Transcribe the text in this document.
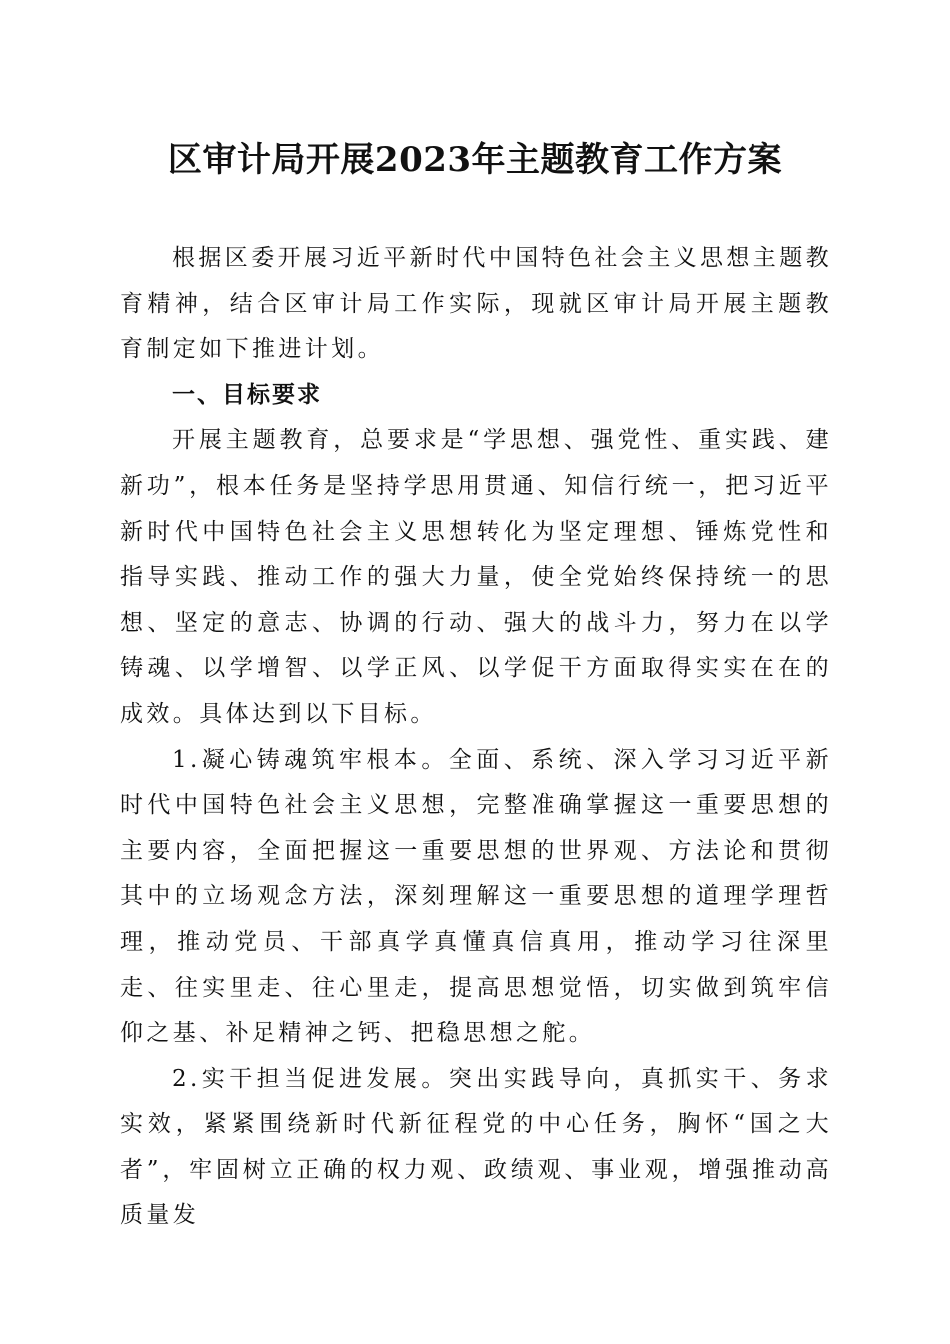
区审计局开展2023年主题教育工作方案

根据区委开展习近平新时代中国特色社会主义思想主题教育精神，结合区审计局工作实际，现就区审计局开展主题教育制定如下推进计划。

一、目标要求

开展主题教育，总要求是“学思想、强党性、重实践、建新功”，根本任务是坚持学思用贯通、知信行统一，把习近平新时代中国特色社会主义思想转化为坚定理想、锤炼党性和指导实践、推动工作的强大力量，使全党始终保持统一的思想、坚定的意志、协调的行动、强大的战斗力，努力在以学铸魂、以学增智、以学正风、以学促干方面取得实实在在的成效。具体达到以下目标。

1.凝心铸魂筑牢根本。全面、系统、深入学习习近平新时代中国特色社会主义思想，完整准确掌握这一重要思想的主要内容，全面把握这一重要思想的世界观、方法论和贯彻其中的立场观念方法，深刻理解这一重要思想的道理学理哲理，推动党员、干部真学真懂真信真用，推动学习往深里走、往实里走、往心里走，提高思想觉悟，切实做到筑牢信仰之基、补足精神之钙、把稳思想之舵。

2.实干担当促进发展。突出实践导向，真抓实干、务求实效，紧紧围绕新时代新征程党的中心任务，胸怀“国之大者”，牢固树立正确的权力观、政绩观、事业观，增强推动高质量发
